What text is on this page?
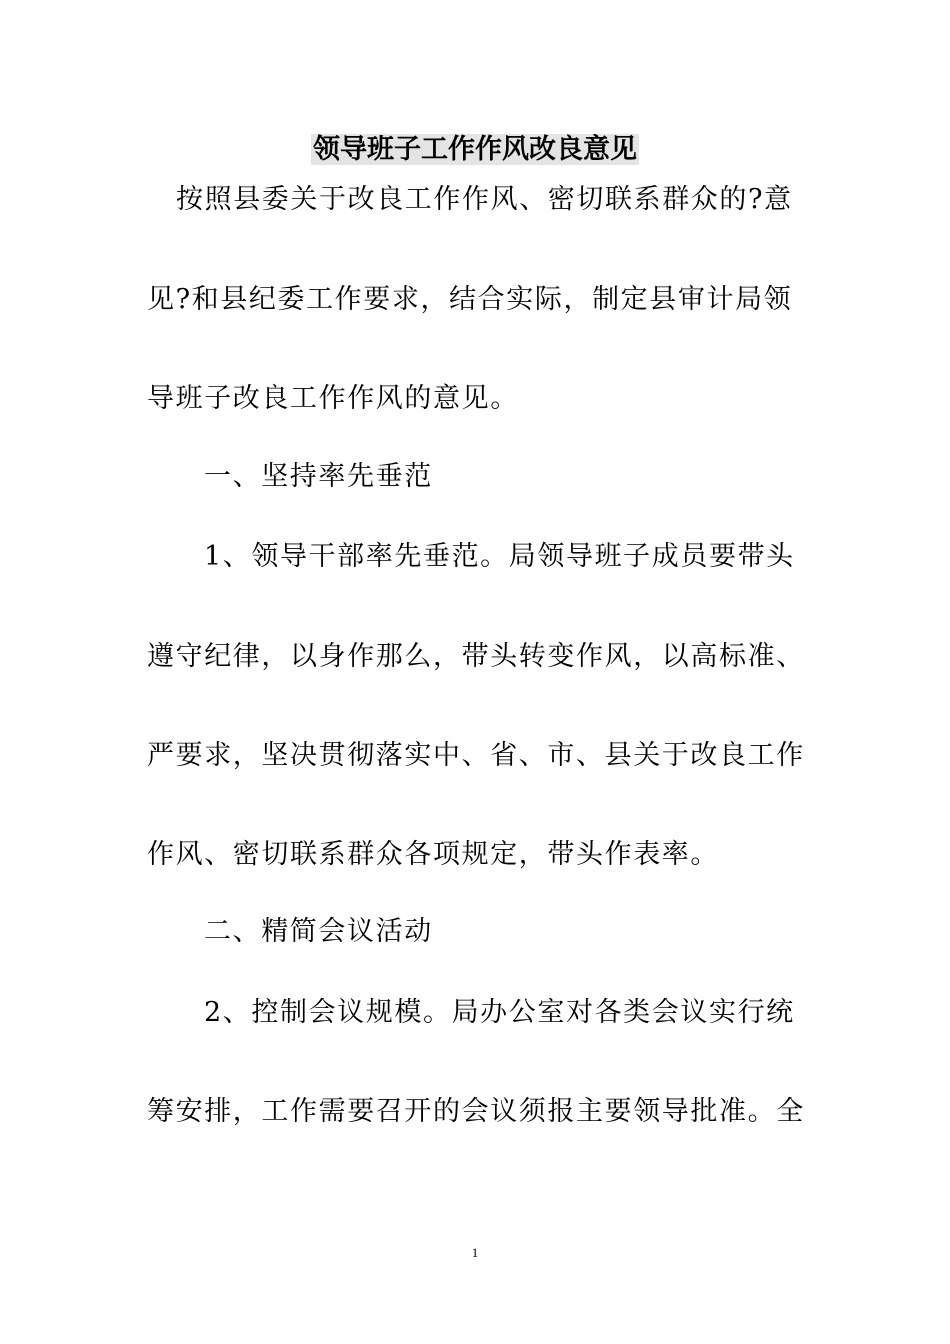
领导班子工作作风改良意见
按照县委关于改良工作作风、密切联系群众的?意
见?和县纪委工作要求，结合实际，制定县审计局领
导班子改良工作作风的意见。
一、坚持率先垂范
1、领导干部率先垂范。局领导班子成员要带头
遵守纪律，以身作那么，带头转变作风，以高标准、
严要求，坚决贯彻落实中、省、市、县关于改良工作
作风、密切联系群众各项规定，带头作表率。
二、精简会议活动
2、控制会议规模。局办公室对各类会议实行统
筹安排，工作需要召开的会议须报主要领导批准。全
1
